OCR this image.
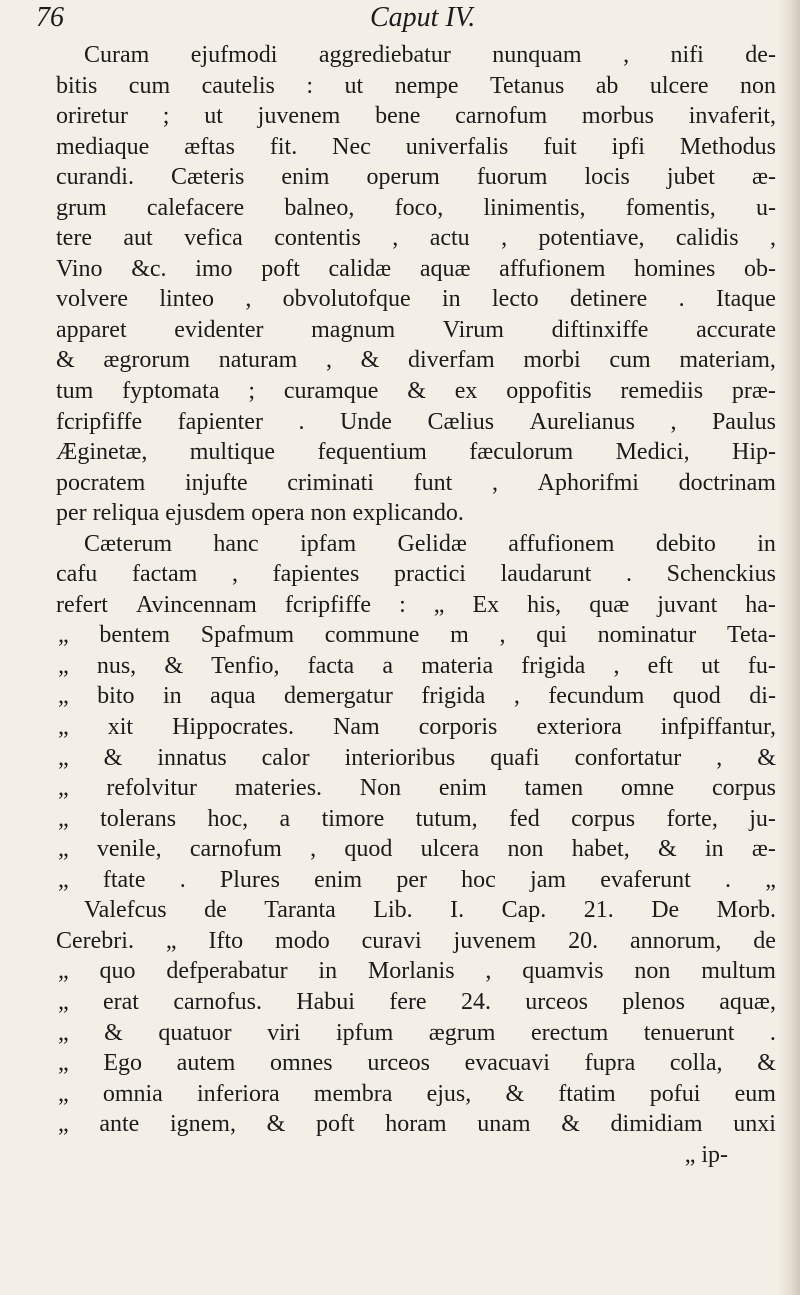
76	Caput IV.
Curam ejufmodi aggrediebatur nunquam , nifi de-
bitis cum cautelis : ut nempe Tetanus ab ulcere non
oriretur ; ut juvenem bene carnofum morbus invaferit,
mediaque æftas fit. Nec univerfalis fuit ipfi Methodus
curandi. Cæteris enim operum fuorum locis jubet æ-
grum calefacere balneo, foco, linimentis, fomentis, u-
tere aut vefica contentis , actu , potentiave, calidis ,
Vino &c. imo poft calidæ aquæ affufionem homines ob-
volvere linteo , obvolutofque in lecto detinere . Itaque
apparet evidenter magnum Virum diftinxiffe accurate
& ægrorum naturam , & diverfam morbi cum materiam,
tum fyptomata ; curamque & ex oppofitis remediis præ-
fcripfiffe fapienter . Unde Cælius Aurelianus , Paulus
Æginetæ, multique fequentium fæculorum Medici, Hip-
pocratem injufte criminati funt , Aphorifmi doctrinam
per reliqua ejusdem opera non explicando.
Cæterum hanc ipfam Gelidæ affufionem debito in
cafu factam , fapientes practici laudarunt . Schenckius
refert Avincennam fcripfiffe : „ Ex his, quæ juvant ha-
„ bentem Spafmum commune m , qui nominatur Teta-
„ nus, & Tenfio, facta a materia frigida , eft ut fu-
„ bito in aqua demergatur frigida , fecundum quod di-
„ xit Hippocrates. Nam corporis exteriora infpiffantur,
„ & innatus calor interioribus quafi confortatur , &
„ refolvitur materies. Non enim tamen omne corpus
„ tolerans hoc, a timore tutum, fed corpus forte, ju-
„ venile, carnofum , quod ulcera non habet, & in æ-
„ ftate . Plures enim per hoc jam evaferunt . „
Valefcus de Taranta Lib. I. Cap. 21. De Morb.
Cerebri. „ Ifto modo curavi juvenem 20. annorum, de
„ quo defperabatur in Morlanis , quamvis non multum
„ erat carnofus. Habui fere 24. urceos plenos aquæ,
„ & quatuor viri ipfum ægrum erectum tenuerunt .
„ Ego autem omnes urceos evacuavi fupra colla, &
„ omnia inferiora membra ejus, & ftatim pofui eum
„ ante ignem, & poft horam unam & dimidiam unxi
„ ip-
